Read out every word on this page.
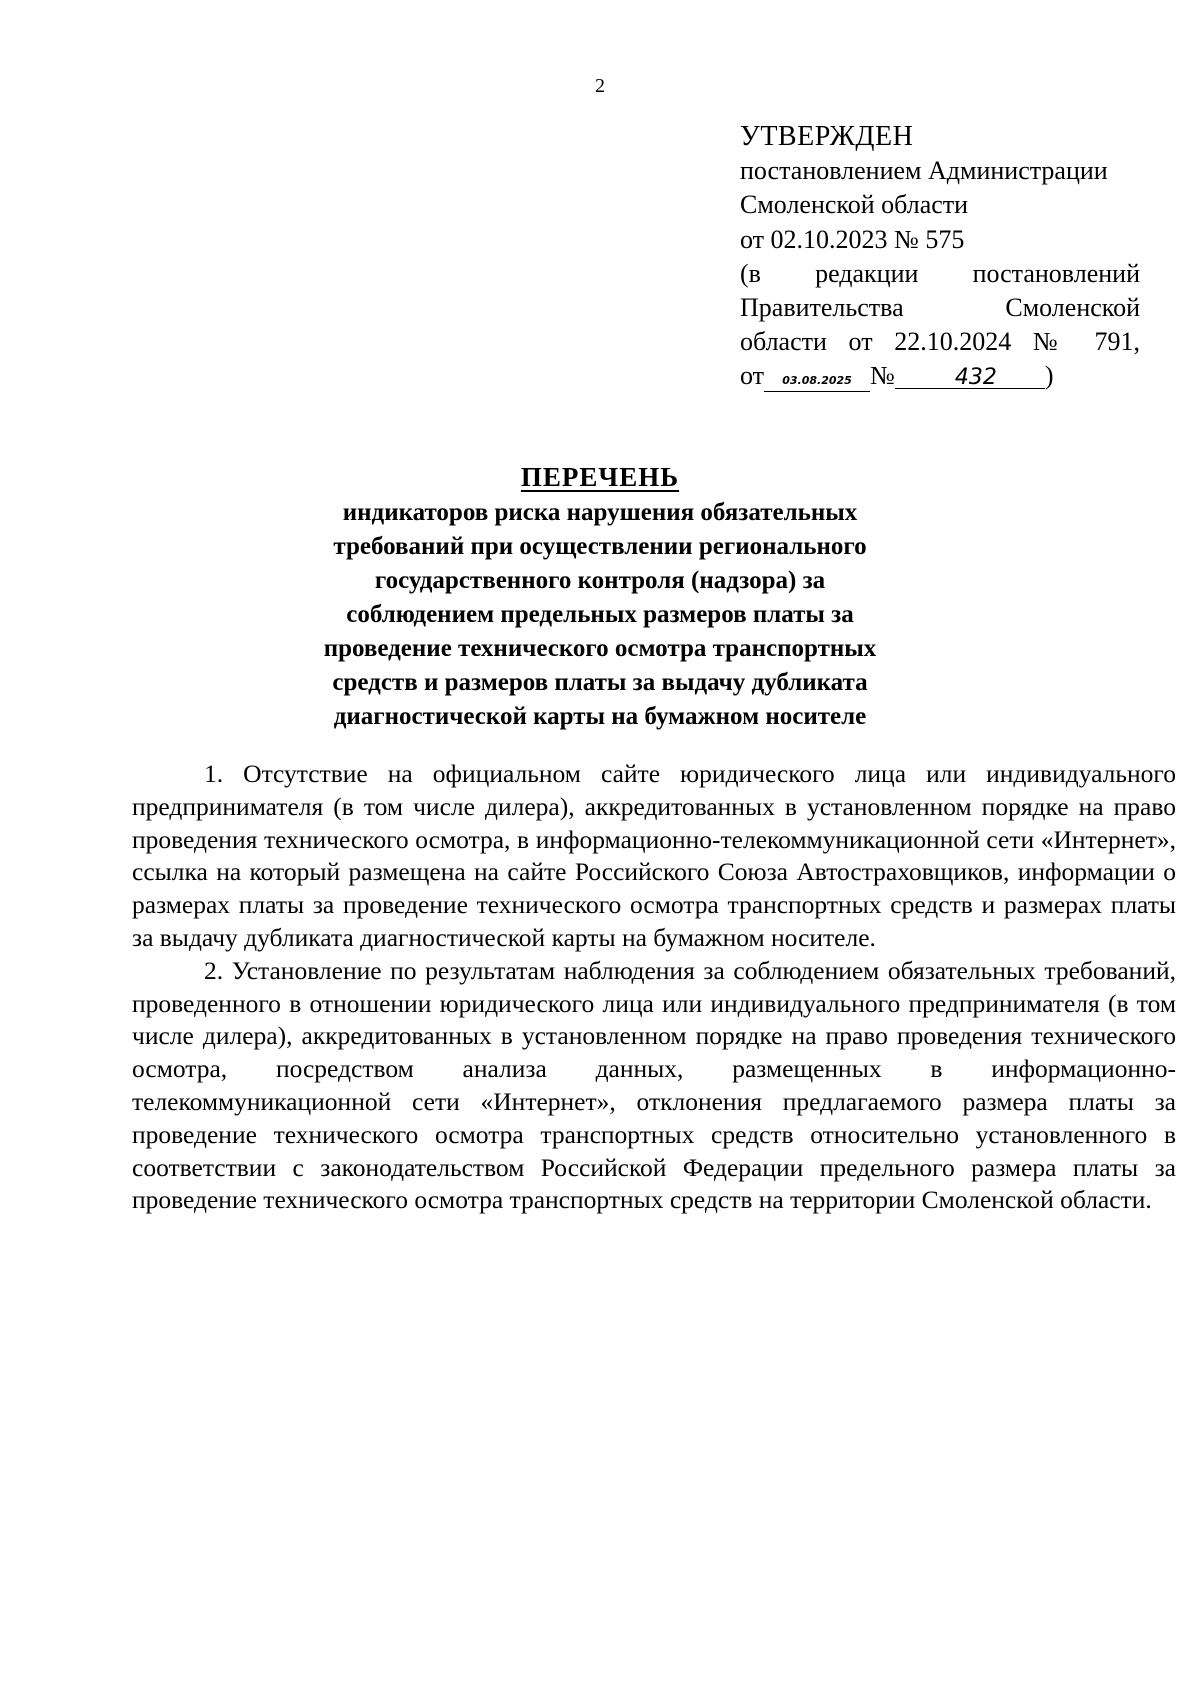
2
УТВЕРЖДЕН
постановлением Администрации
Смоленской области
от 02.10.2023 № 575
(в редакции постановлений
Правительства Смоленской
области от 22.10.2024 № 791,
от	03.08.2025 №	432	)
ПЕРЕЧЕНЬ
индикаторов риска нарушения обязательных
требований при осуществлении регионального
государственного контроля (надзора) за
соблюдением предельных размеров платы за
проведение технического осмотра транспортных
средств и размеров платы за выдачу дубликата
диагностической карты на бумажном носителе

1. Отсутствие на официальном сайте юридического лица или индивидуального предпринимателя (в том числе дилера), аккредитованных в установленном порядке на право проведения технического осмотра, в информационно-телекоммуникационной сети «Интернет», ссылка на который размещена на сайте Российского Союза Автостраховщиков, информации о размерах платы за проведение технического осмотра транспортных средств и размерах платы за выдачу дубликата диагностической карты на бумажном носителе.

2. Установление по результатам наблюдения за соблюдением обязательных требований, проведенного в отношении юридического лица или индивидуального предпринимателя (в том числе дилера), аккредитованных в установленном порядке на право проведения технического осмотра, посредством анализа данных, размещенных в информационно-телекоммуникационной сети «Интернет», отклонения предлагаемого размера платы за проведение технического осмотра транспортных средств относительно установленного в соответствии с законодательством Российской Федерации предельного размера платы за проведение технического осмотра транспортных средств на территории Смоленской области.
